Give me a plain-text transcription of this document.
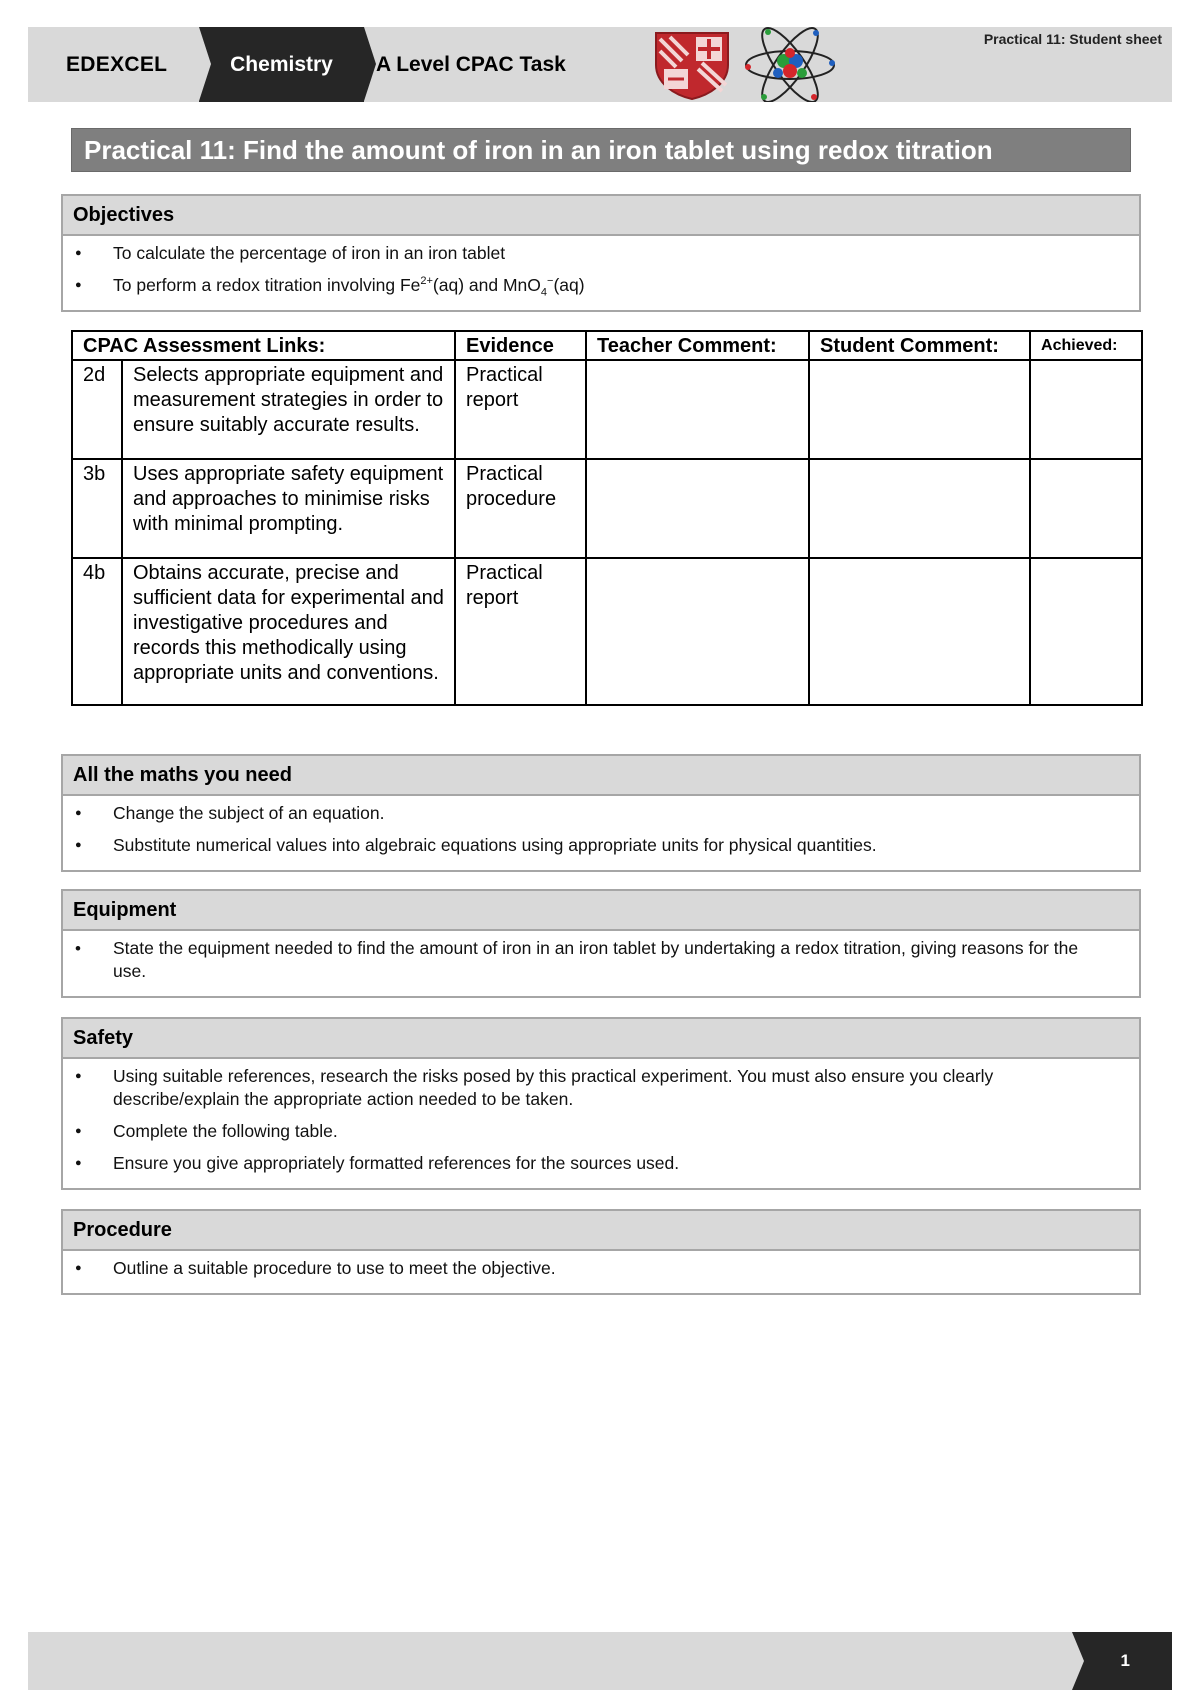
EDEXCEL	Chemistry	A Level CPAC Task
Practical 11: Student sheet
Practical 11: Find the amount of iron in an iron tablet using redox titration
Objectives
● To calculate the percentage of iron in an iron tablet
● To perform a redox titration involving $Fe^{2+}(aq)$ and MnO$_4$−(aq)
CPAC Assessment Links:		Evidence	Teacher Comment:	Student Comment:	Achieved:
2d	Selects appropriate equipment and measurement strategies in order to ensure suitably accurate results.	Practical report			
3b	Uses appropriate safety equipment and approaches to minimise risks with minimal prompting.	Practical procedure			
4b	Obtains accurate, precise and sufficient data for experimental and investigative procedures and records this methodically using appropriate units and conventions.	Practical report			
All the maths you need
● Change the subject of an equation.
● Substitute numerical values into algebraic equations using appropriate units for physical quantities.
Equipment
• State the equipment needed to find the amount of iron in an iron tablet by undertaking a redox titration, giving reasons for the use.
Safety
● Using suitable references, research the risks posed by this practical experiment. You must also ensure you clearly describe/explain the appropriate action needed to be taken.
● Complete the following table.
● Ensure you give appropriately formatted references for the sources used.
Procedure
● Outline a suitable procedure to use to meet the objective.
1
